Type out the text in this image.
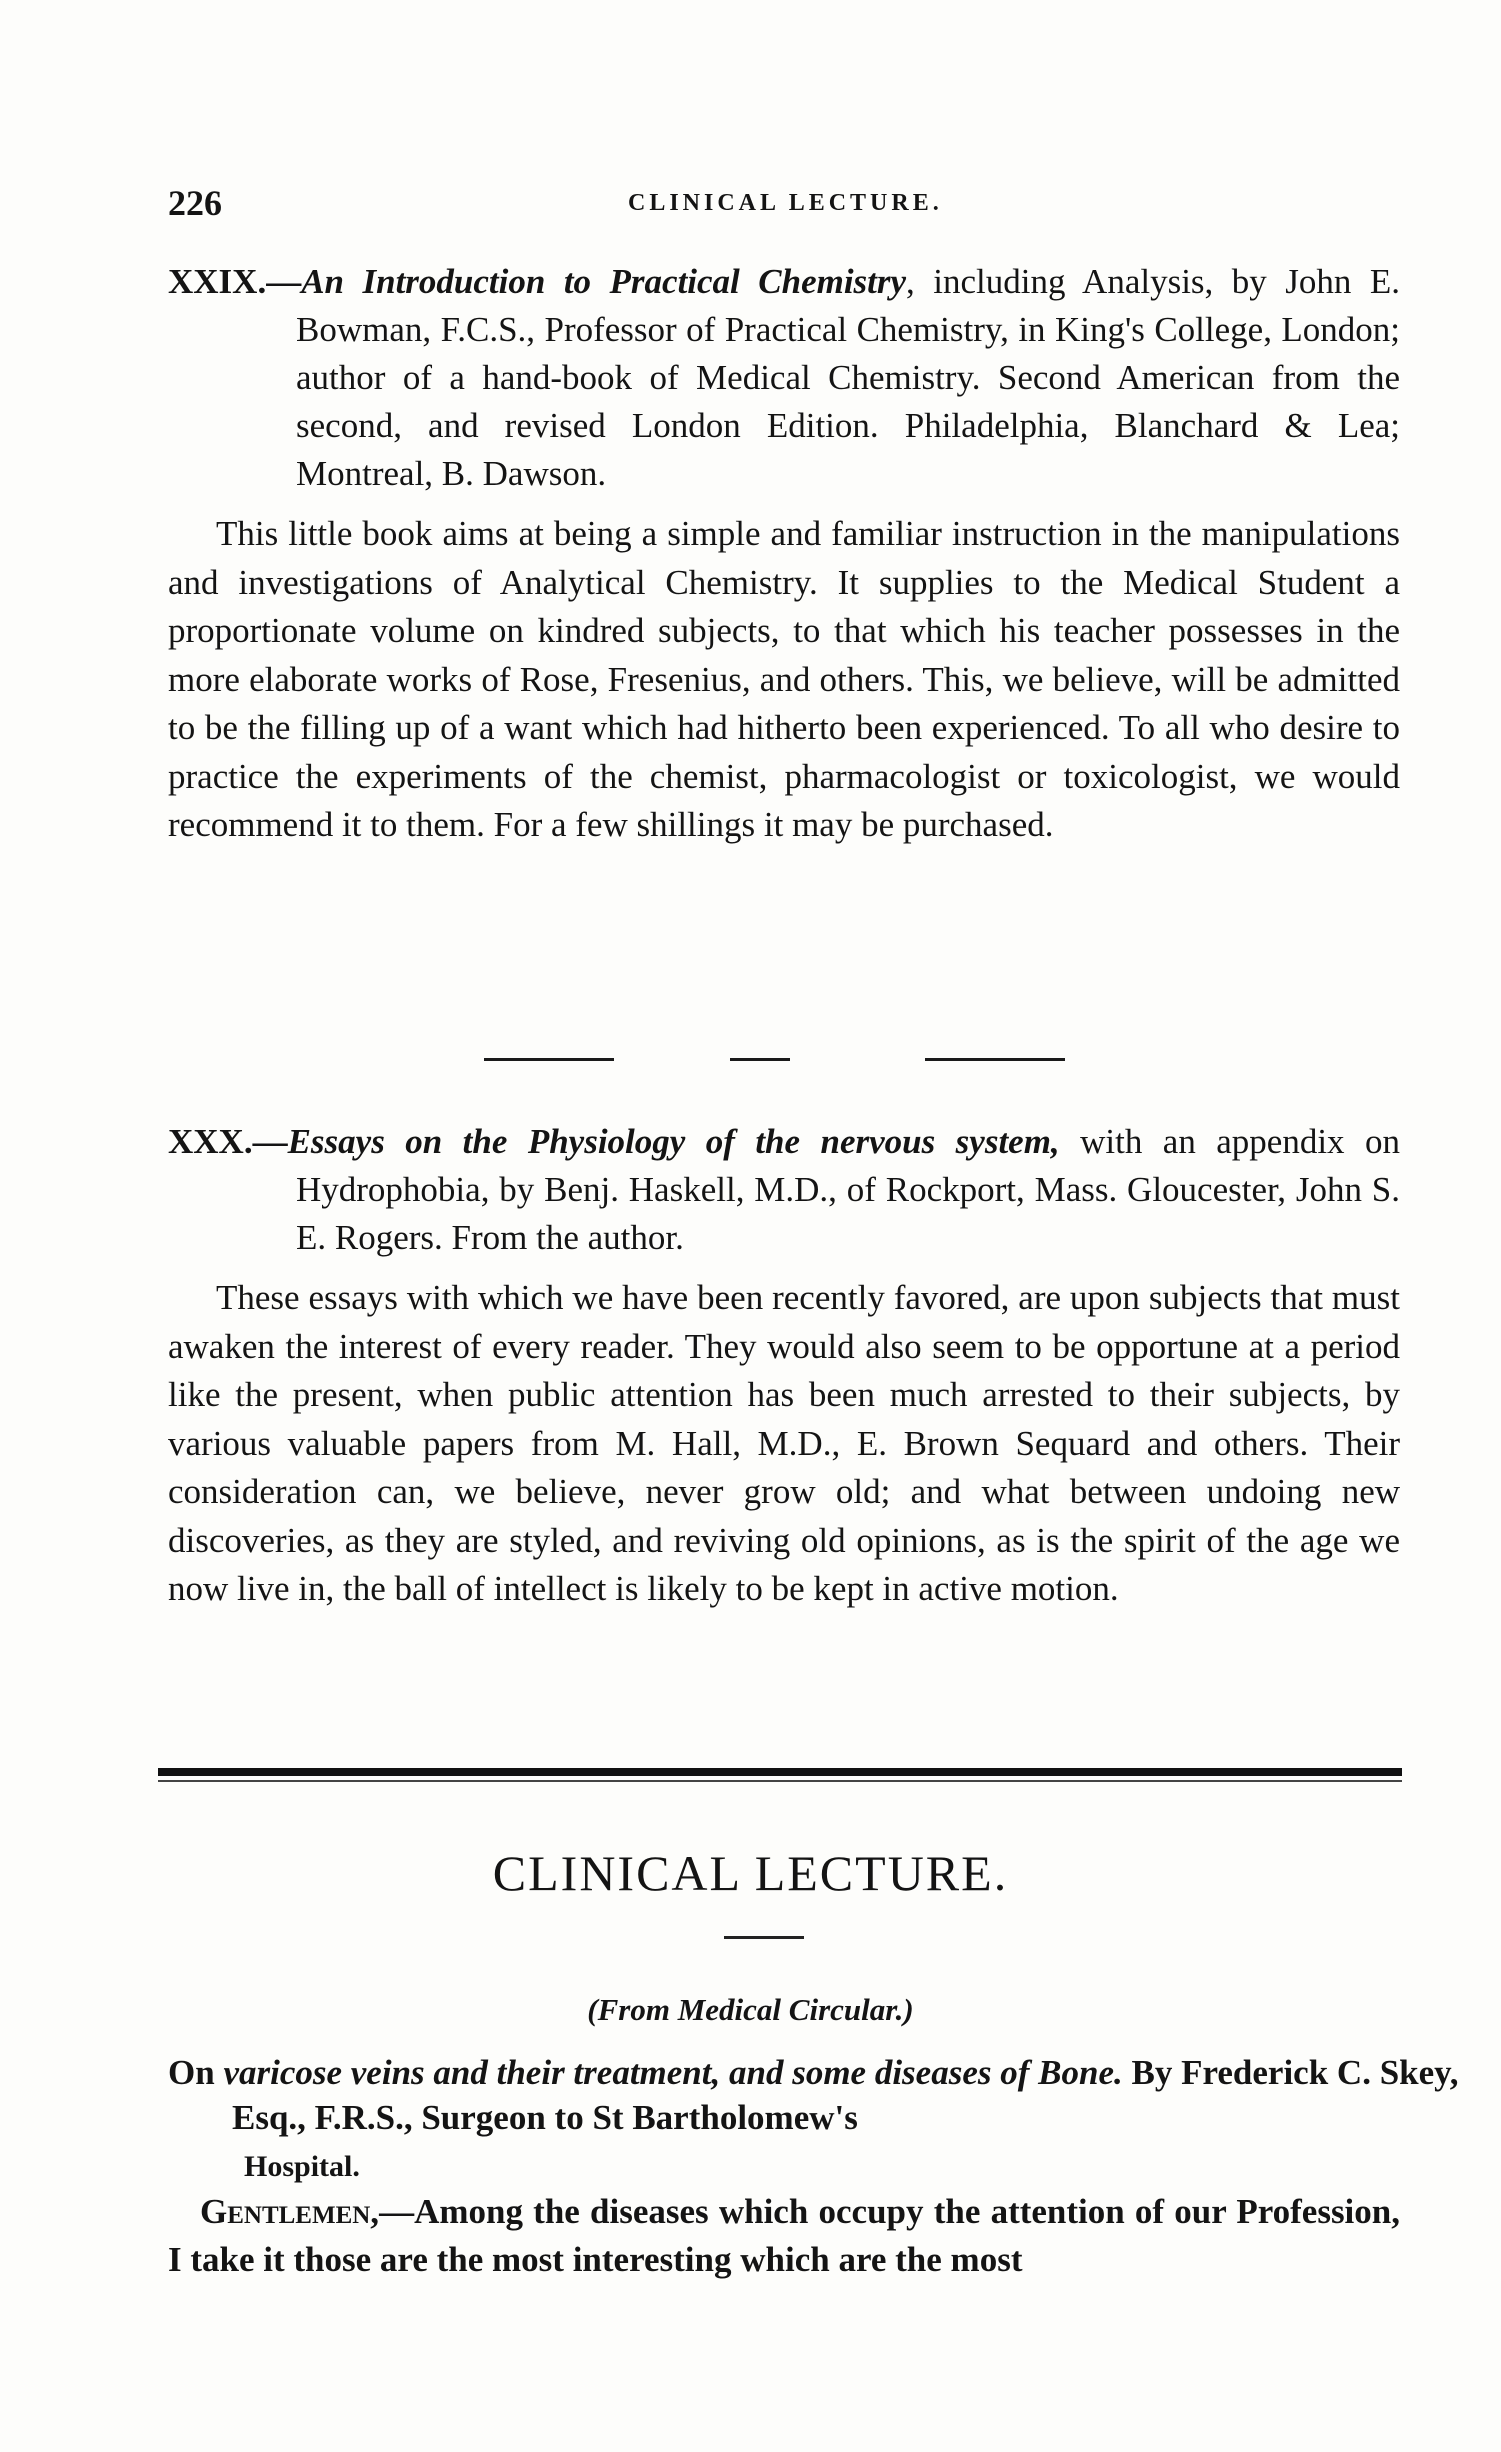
226	CLINICAL LECTURE.
XXIX.—An Introduction to Practical Chemistry, including Analysis, by John E. Bowman, F.C.S., Professor of Practical Chemistry, in King's College, London; author of a hand-book of Medical Chemistry. Second American from the second, and revised London Edition. Philadelphia, Blanchard & Lea; Montreal, B. Dawson.
This little book aims at being a simple and familiar instruction in the manipulations and investigations of Analytical Chemistry. It supplies to the Medical Student a proportionate volume on kindred subjects, to that which his teacher possesses in the more elaborate works of Rose, Fresenius, and others. This, we believe, will be admitted to be the filling up of a want which had hitherto been experienced. To all who desire to practice the experiments of the chemist, pharmacologist or toxicologist, we would recommend it to them. For a few shillings it may be purchased.
XXX.—Essays on the Physiology of the nervous system, with an appendix on Hydrophobia, by Benj. Haskell, M.D., of Rockport, Mass. Gloucester, John S. E. Rogers. From the author.
These essays with which we have been recently favored, are upon subjects that must awaken the interest of every reader. They would also seem to be opportune at a period like the present, when public attention has been much arrested to their subjects, by various valuable papers from M. Hall, M.D., E. Brown Sequard and others. Their consideration can, we believe, never grow old; and what between undoing new discoveries, as they are styled, and reviving old opinions, as is the spirit of the age we now live in, the ball of intellect is likely to be kept in active motion.
CLINICAL LECTURE.
(From Medical Circular.)
On varicose veins and their treatment, and some diseases of Bone. By Frederick C. Skey, Esq., F.R.S., Surgeon to St Bartholomew's
Hospital.
Gentlemen,—Among the diseases which occupy the attention of our Profession, I take it those are the most interesting which are the most
